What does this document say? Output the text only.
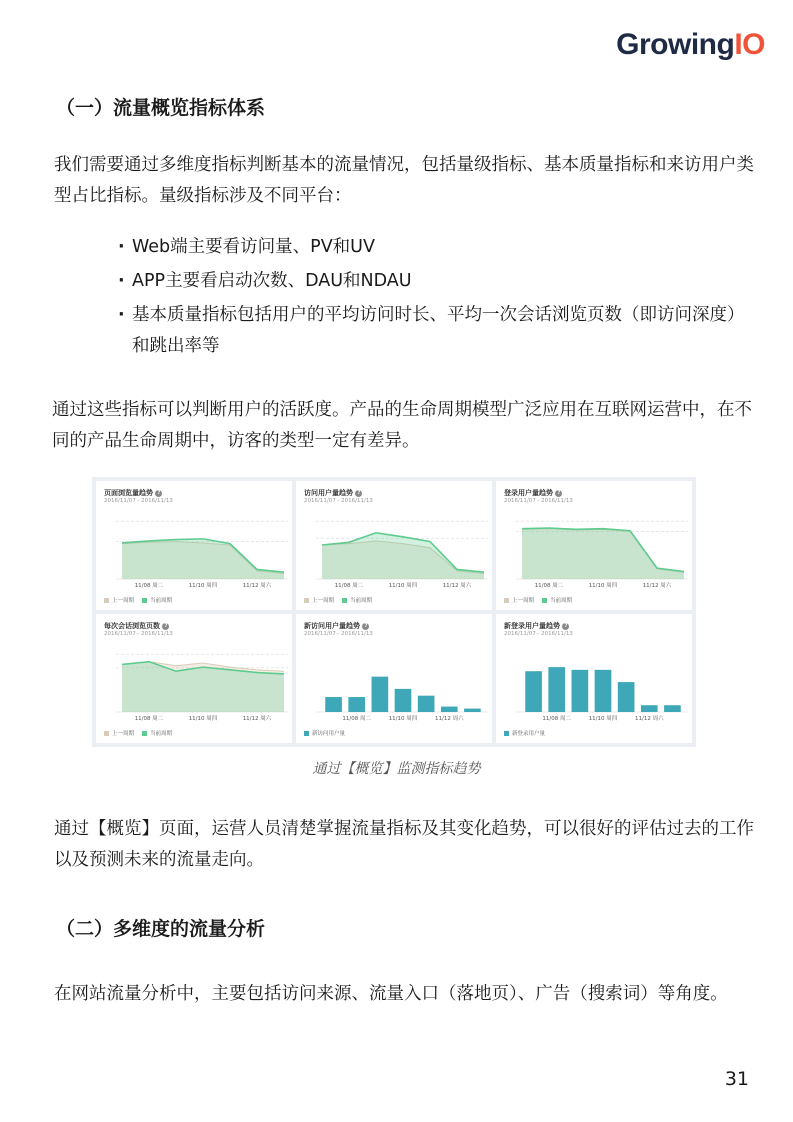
GrowingIO
（一）流量概览指标体系

我们需要通过多维度指标判断基本的流量情况，包括量级指标、基本质量指标和来访用户类型占比指标。量级指标涉及不同平台：

· Web端主要看访问量、PV和UV
· APP主要看启动次数、DAU和NDAU
· 基本质量指标包括用户的平均访问时长、平均一次会话浏览页数（即访问深度）和跳出率等

通过这些指标可以判断用户的活跃度。产品的生命周期模型广泛应用在互联网运营中，在不同的产品生命周期中，访客的类型一定有差异。

页面浏览量趋势 ?
2016/11/07 - 2016/11/13
11/08 周二	11/10 周四	11/12 周六
上一周期	当前周期
访问用户量趋势 ?
2016/11/07 - 2016/11/13
11/08 周二	11/10 周四	11/12 周六
上一周期	当前周期
登录用户量趋势 ?
2016/11/07 - 2016/11/13
11/08 周二	11/10 周四	11/12 周六
上一周期	当前周期
每次会话浏览页数 ?
2016/11/07 - 2016/11/13
11/08 周二	11/10 周四	11/12 周六
上一周期	当前周期
新访问用户量趋势 ?
2016/11/07 - 2016/11/13
11/08 周二	11/10 周四	11/12 周六
新访问用户量
新登录用户量趋势 ?
2016/11/07 - 2016/11/13
11/08 周二	11/10 周四	11/12 周六
新登录用户量
通过【概览】监测指标趋势

通过【概览】页面，运营人员清楚掌握流量指标及其变化趋势，可以很好的评估过去的工作以及预测未来的流量走向。

（二）多维度的流量分析

在网站流量分析中，主要包括访问来源、流量入口（落地页）、广告（搜索词）等角度。

31
